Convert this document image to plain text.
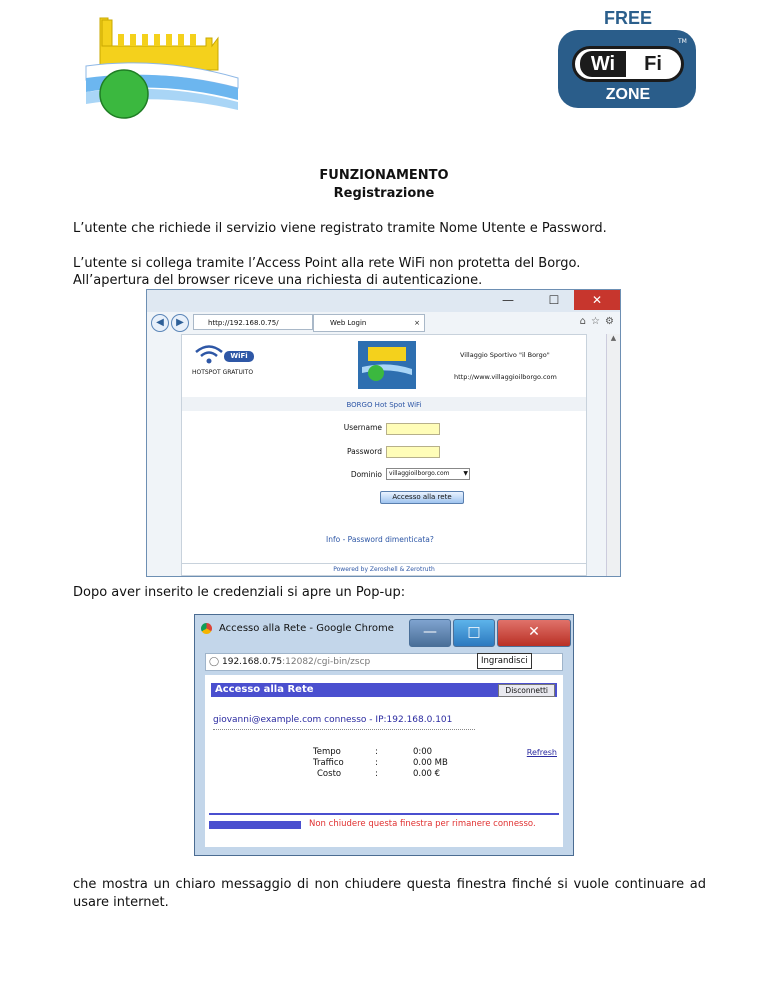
FREE
Wi	Fi
TM
ZONE
FUNZIONAMENTO
Registrazione
L’utente che richiede il servizio viene registrato tramite Nome Utente e Password.
L’utente si collega tramite l’Access Point alla rete WiFi non protetta del Borgo.
All’apertura del browser riceve una richiesta di autenticazione.
—	☐	✕
◀	▶	http://192.168.0.75/	Web Login	×	⌂ ☆ ⚙
WiFi
HOTSPOT GRATUITO
Villaggio Sportivo "il Borgo"
http://www.villaggioilborgo.com
BORGO Hot Spot WiFi
Username
Password
Dominio	villaggioilborgo.com ▼
Accesso alla rete
Info - Password dimenticata?
Powered by Zeroshell & Zerotruth
▲
Dopo aver inserito le credenziali si apre un Pop-up:
Accesso alla Rete - Google Chrome	—	□	✕
Ingrandisci
◯ 192.168.0.75:12082/cgi-bin/zscp
Accesso alla Rete	Disconnetti
giovanni@example.com connesso - IP:192.168.0.101
Tempo	:	0:00
Traffico	:	0.00 MB
Costo	:	0.00 €
Refresh
Non chiudere questa finestra per rimanere connesso.
che mostra un chiaro messaggio di non chiudere questa finestra finché si vuole continuare ad usare internet.
